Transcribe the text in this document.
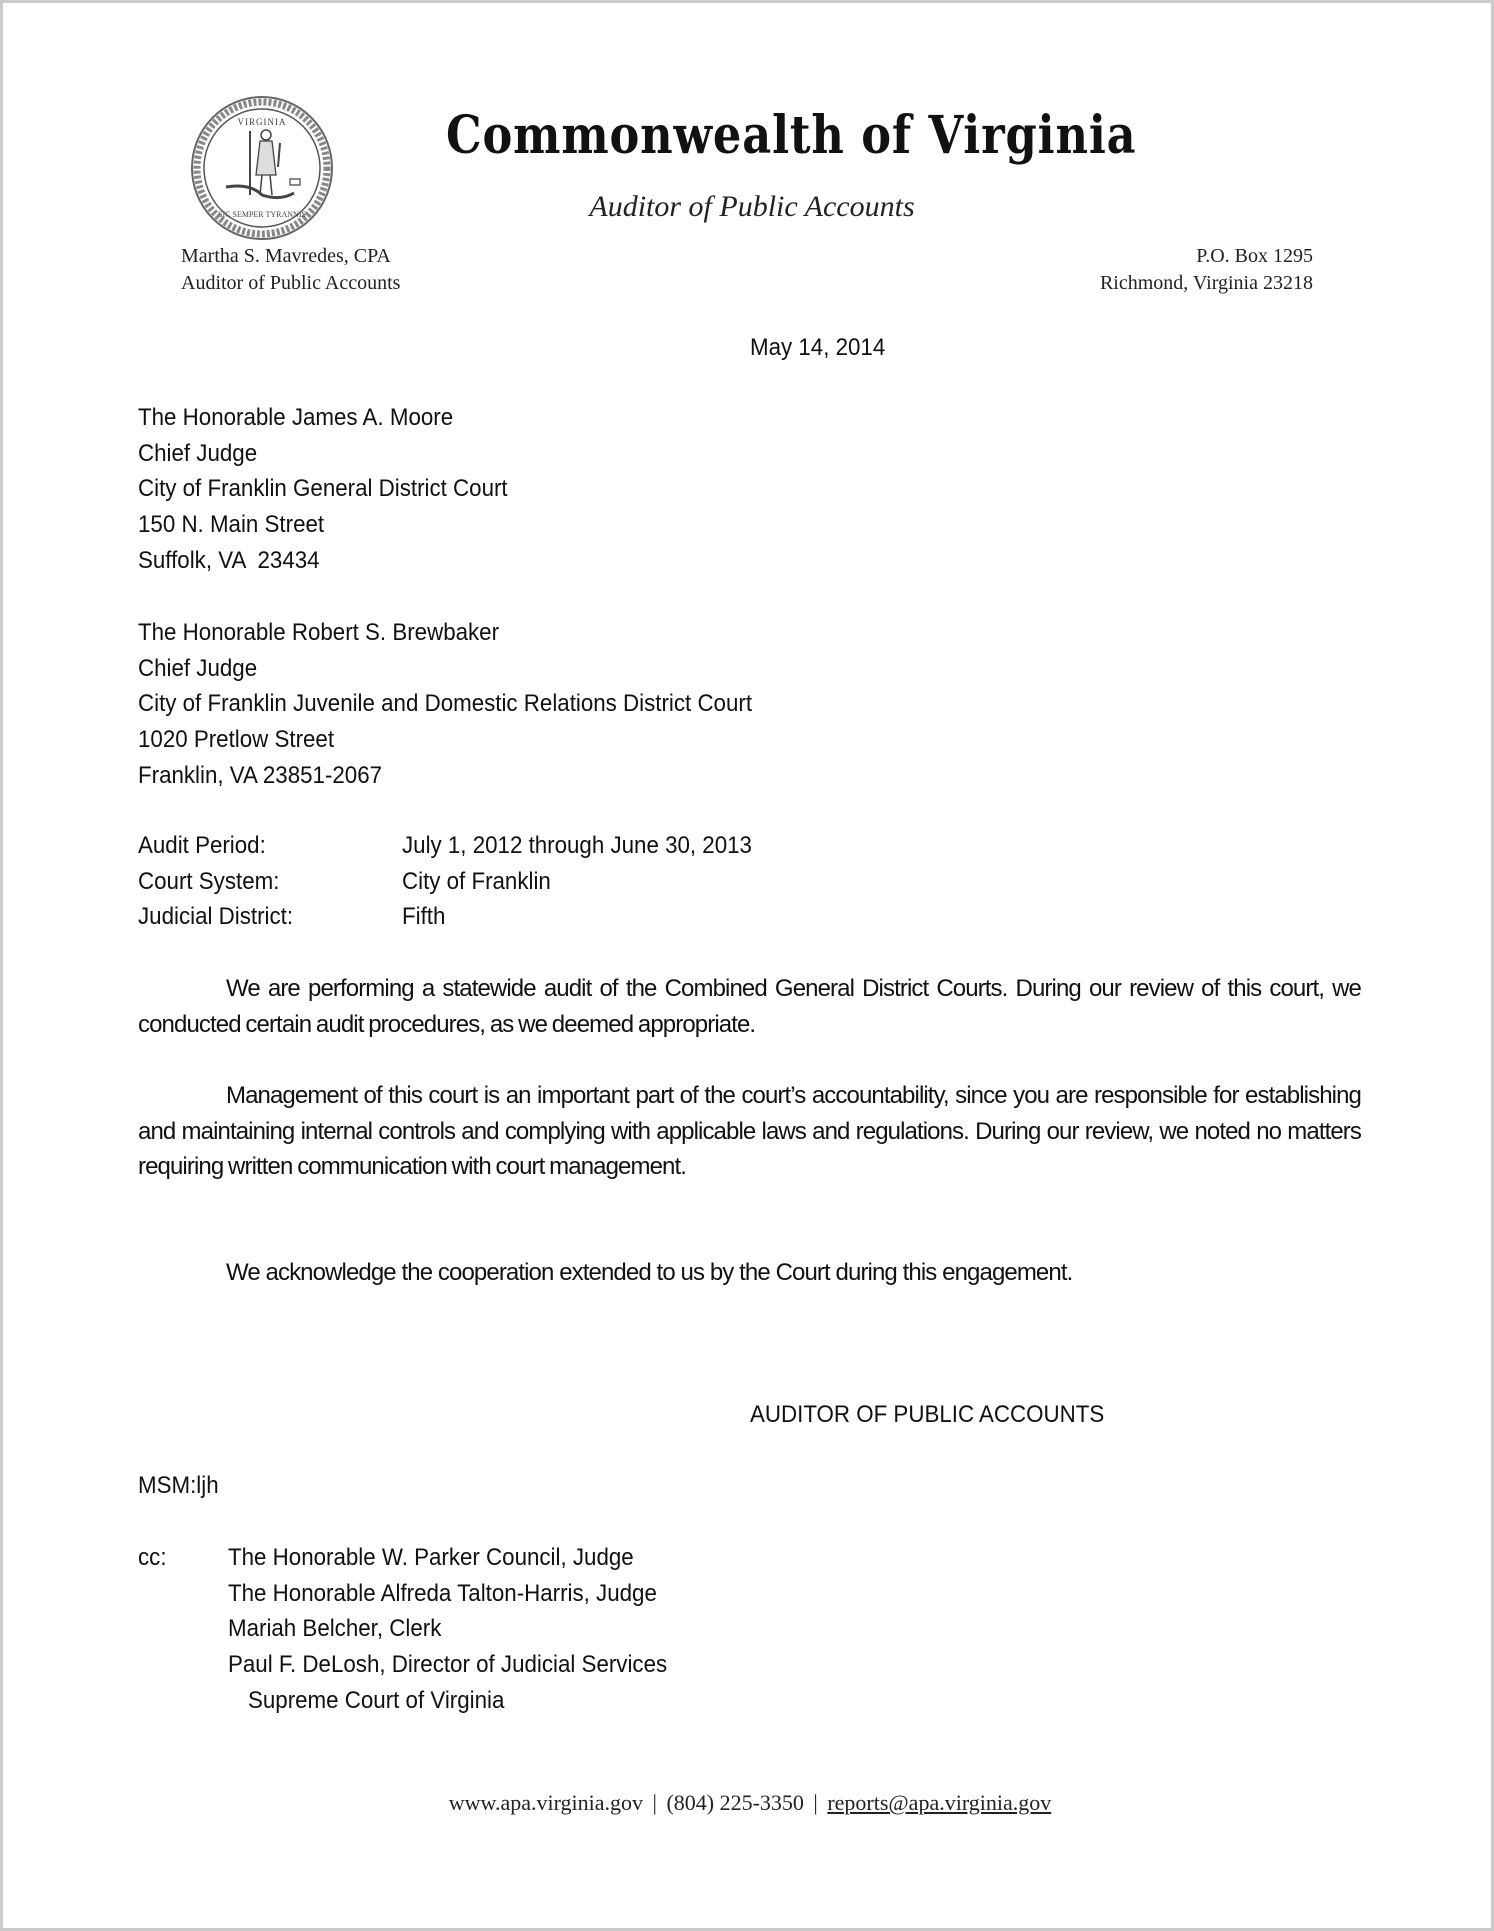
VIRGINIA
SIC SEMPER TYRANNIS
Commonwealth of Virginia
Auditor of Public Accounts
Martha S. Mavredes, CPA
Auditor of Public Accounts
P.O. Box 1295
Richmond, Virginia 23218
May 14, 2014
The Honorable James A. Moore
Chief Judge
City of Franklin General District Court
150 N. Main Street
Suffolk, VA  23434
The Honorable Robert S. Brewbaker
Chief Judge
City of Franklin Juvenile and Domestic Relations District Court
1020 Pretlow Street
Franklin, VA 23851-2067
Audit Period:	July 1, 2012 through June 30, 2013
Court System:	City of Franklin
Judicial District:	Fifth

We are performing a statewide audit of the Combined General District Courts. During our review of this court, we conducted certain audit procedures, as we deemed appropriate.

Management of this court is an important part of the court’s accountability, since you are responsible for establishing and maintaining internal controls and complying with applicable laws and regulations. During our review, we noted no matters requiring written communication with court management.

We acknowledge the cooperation extended to us by the Court during this engagement.

AUDITOR OF PUBLIC ACCOUNTS
MSM:ljh
cc:	The Honorable W. Parker Council, Judge
The Honorable Alfreda Talton-Harris, Judge
Mariah Belcher, Clerk
Paul F. DeLosh, Director of Judicial Services
Supreme Court of Virginia
www.apa.virginia.gov | (804) 225-3350 | reports@apa.virginia.gov
